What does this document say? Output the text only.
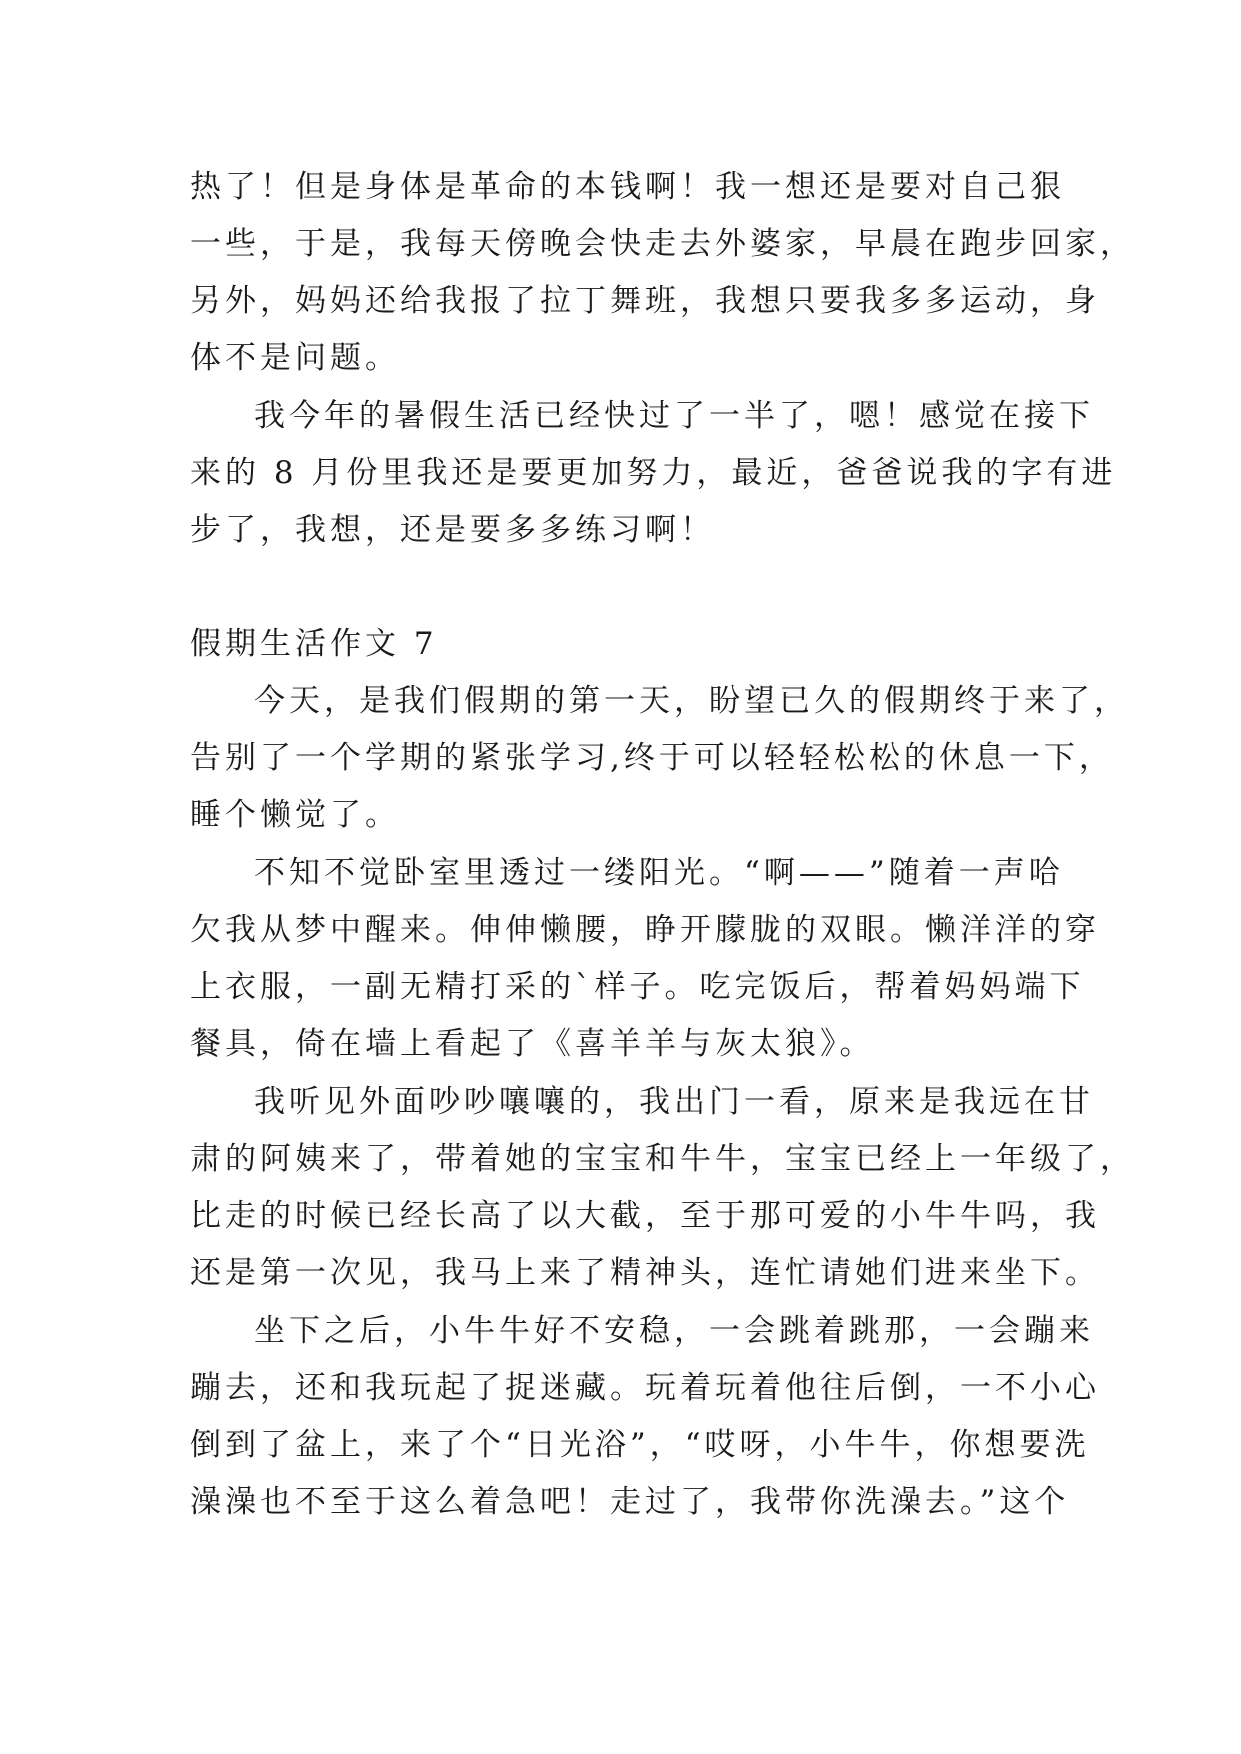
热了！但是身体是革命的本钱啊！我一想还是要对自己狠
一些，于是，我每天傍晚会快走去外婆家，早晨在跑步回家，
另外，妈妈还给我报了拉丁舞班，我想只要我多多运动，身
体不是问题。
我今年的暑假生活已经快过了一半了，嗯！感觉在接下
来的 8 月份里我还是要更加努力，最近，爸爸说我的字有进
步了，我想，还是要多多练习啊！
假期生活作文 7
今天，是我们假期的第一天，盼望已久的假期终于来了，
告别了一个学期的紧张学习,终于可以轻轻松松的休息一下，
睡个懒觉了。
不知不觉卧室里透过一缕阳光。“啊——”随着一声哈
欠我从梦中醒来。伸伸懒腰，睁开朦胧的双眼。懒洋洋的穿
上衣服，一副无精打采的`样子。吃完饭后，帮着妈妈端下
餐具，倚在墙上看起了《喜羊羊与灰太狼》。
我听见外面吵吵嚷嚷的，我出门一看，原来是我远在甘
肃的阿姨来了，带着她的宝宝和牛牛，宝宝已经上一年级了，
比走的时候已经长高了以大截，至于那可爱的小牛牛吗，我
还是第一次见，我马上来了精神头，连忙请她们进来坐下。
坐下之后，小牛牛好不安稳，一会跳着跳那，一会蹦来
蹦去，还和我玩起了捉迷藏。玩着玩着他往后倒，一不小心
倒到了盆上，来了个“日光浴”，“哎呀，小牛牛，你想要洗
澡澡也不至于这么着急吧！走过了，我带你洗澡去。”这个
